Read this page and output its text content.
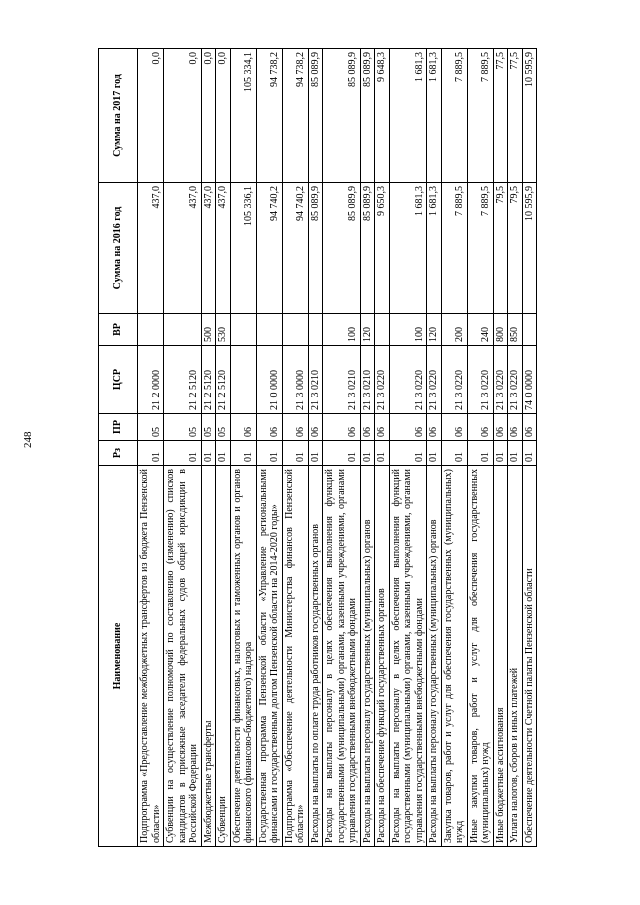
248
Наименование	Рз	ПР	ЦСР	ВР	Сумма на 2016 год	Сумма на 2017 год
Подпрограмма «Предоставление межбюджетных трансфертов из бюджета Пензенской области»	01	05	21 2 0000		437,0	0,0
Субвенции на осуществление полномочий по составлению (изменению) списков кандидатов в присяжные заседатели федеральных судов общей юрисдикции в Российской Федерации	01	05	21 2 5120		437,0	0,0
Межбюджетные трансферты	01	05	21 2 5120	500	437,0	0,0
Субвенции	01	05	21 2 5120	530	437,0	0,0
Обеспечение деятельности финансовых, налоговых и таможенных органов и органов финансового (финансово-бюджетного) надзора	01	06			105 336,1	105 334,1
Государственная программа Пензенской области «Управление региональными финансами и государственным долгом Пензенской области на 2014-2020 годы»	01	06	21 0 0000		94 740,2	94 738,2
Подпрограмма «Обеспечение деятельности Министерства финансов Пензенской области»	01	06	21 3 0000		94 740,2	94 738,2
Расходы на выплаты по оплате труда работников государственных органов	01	06	21 3 0210		85 089,9	85 089,9
Расходы на выплаты персоналу в целях обеспечения выполнения функций государственными (муниципальными) органами, казенными учреждениями, органами управления государственными внебюджетными фондами	01	06	21 3 0210	100	85 089,9	85 089,9
Расходы на выплаты персоналу государственных (муниципальных) органов	01	06	21 3 0210	120	85 089,9	85 089,9
Расходы на обеспечение функций государственных органов	01	06	21 3 0220		9 650,3	9 648,3
Расходы на выплаты персоналу в целях обеспечения выполнения функций государственными (муниципальными) органами, казенными учреждениями, органами управления государственными внебюджетными фондами	01	06	21 3 0220	100	1 681,3	1 681,3
Расходы на выплаты персоналу государственных (муниципальных) органов	01	06	21 3 0220	120	1 681,3	1 681,3
Закупка товаров, работ и услуг для обеспечения государственных (муниципальных) нужд	01	06	21 3 0220	200	7 889,5	7 889,5
Иные закупки товаров, работ и услуг для обеспечения государственных (муниципальных) нужд	01	06	21 3 0220	240	7 889,5	7 889,5
Иные бюджетные ассигнования	01	06	21 3 0220	800	79,5	77,5
Уплата налогов, сборов и иных платежей	01	06	21 3 0220	850	79,5	77,5
Обеспечение деятельности Счетной палаты Пензенской области	01	06	74 0 0000		10 595,9	10 595,9
